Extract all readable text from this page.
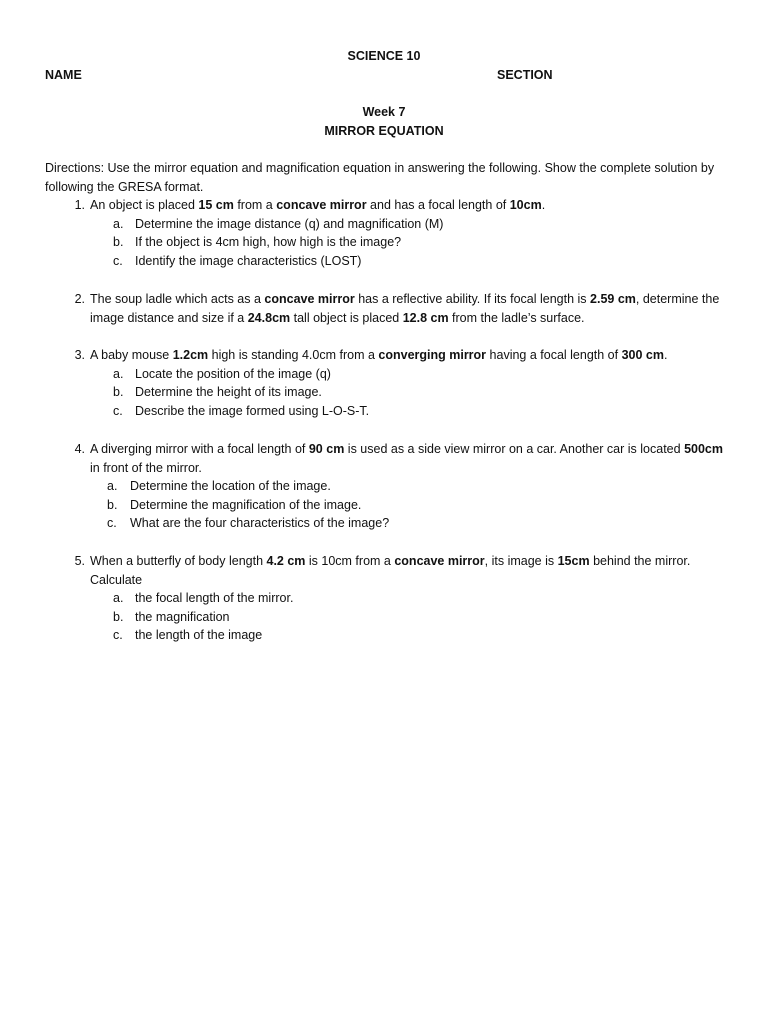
SCIENCE 10
NAME	SECTION
Week 7
MIRROR EQUATION

Directions: Use the mirror equation and magnification equation in answering the following. Show the complete solution by following the GRESA format.

1. An object is placed 15 cm from a concave mirror and has a focal length of 10cm.
a. Determine the image distance (q) and magnification (M)
b. If the object is 4cm high, how high is the image?
c. Identify the image characteristics (LOST)
2. The soup ladle which acts as a concave mirror has a reflective ability. If its focal length is 2.59 cm, determine the image distance and size if a 24.8cm tall object is placed 12.8 cm from the ladle’s surface.
3. A baby mouse 1.2cm high is standing 4.0cm from a converging mirror having a focal length of 300 cm.
a. Locate the position of the image (q)
b. Determine the height of its image.
c. Describe the image formed using L-O-S-T.
4. A diverging mirror with a focal length of 90 cm is used as a side view mirror on a car. Another car is located 500cm in front of the mirror.
a. Determine the location of the image.
b. Determine the magnification of the image.
c. What are the four characteristics of the image?
5. When a butterfly of body length 4.2 cm is 10cm from a concave mirror, its image is 15cm behind the mirror. Calculate
a. the focal length of the mirror.
b. the magnification
c. the length of the image
